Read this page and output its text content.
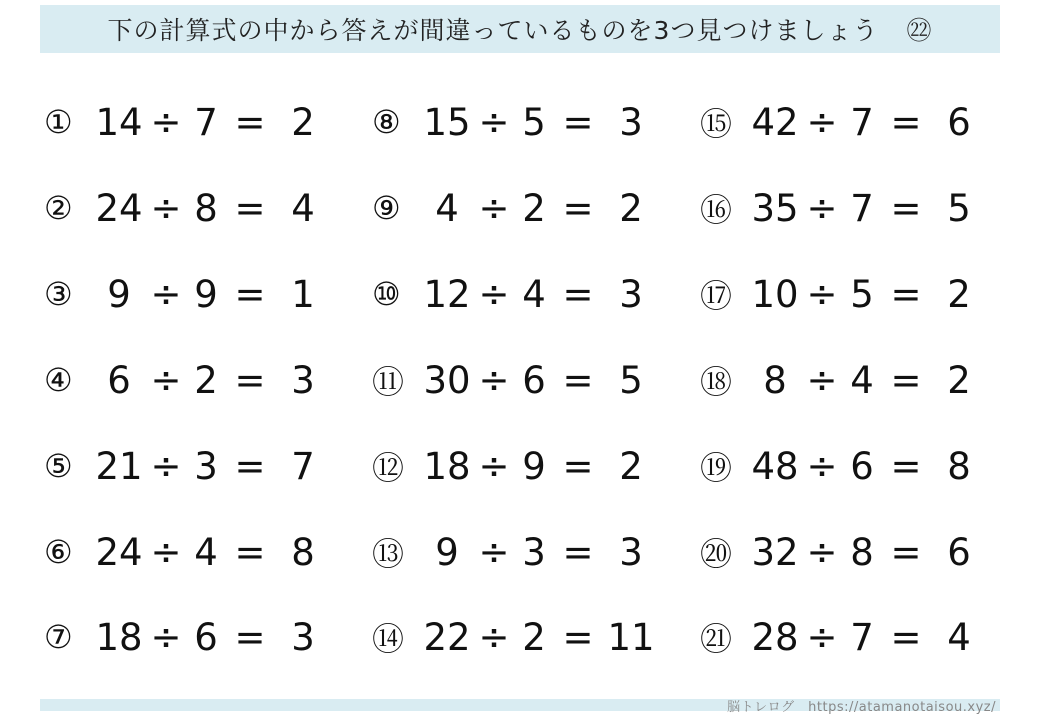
下の計算式の中から答えが間違っているものを3つ見つけましょう ㉒
① 14 ÷ 7 = 2
② 24 ÷ 8 = 4
③ 9 ÷ 9 = 1
④ 6 ÷ 2 = 3
⑤ 21 ÷ 3 = 7
⑥ 24 ÷ 4 = 8
⑦ 18 ÷ 6 = 3
⑧ 15 ÷ 5 = 3
⑨ 4 ÷ 2 = 2
⑩ 12 ÷ 4 = 3
⑪ 30 ÷ 6 = 5
⑫ 18 ÷ 9 = 2
⑬ 9 ÷ 3 = 3
⑭ 22 ÷ 2 = 11
⑮ 42 ÷ 7 = 6
⑯ 35 ÷ 7 = 5
⑰ 10 ÷ 5 = 2
⑱ 8 ÷ 4 = 2
⑲ 48 ÷ 6 = 8
⑳ 32 ÷ 8 = 6
㉑ 28 ÷ 7 = 4
脳トレログ　https://atamanotaisou.xyz/
